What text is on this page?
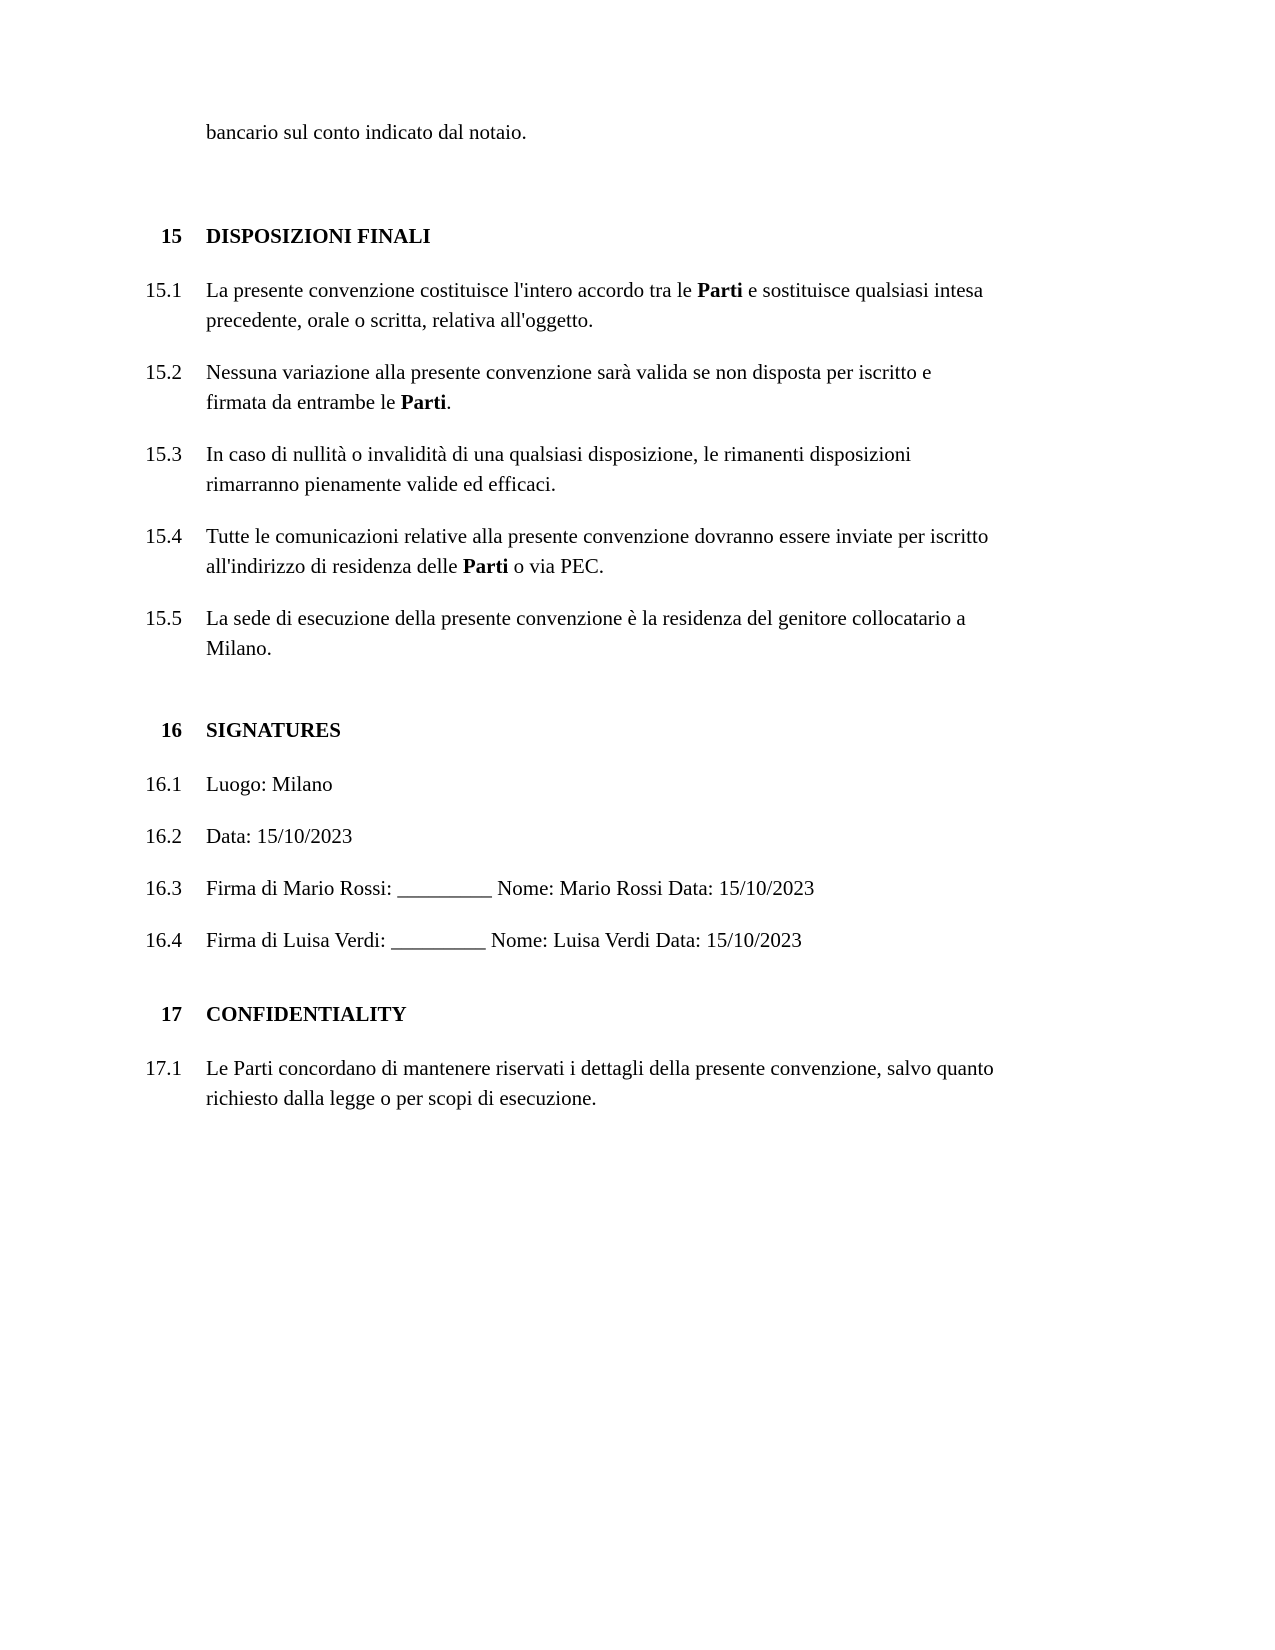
bancario sul conto indicato dal notaio.

15	DISPOSIZIONI FINALI
15.1	La presente convenzione costituisce l'intero accordo tra le Parti e sostituisce qualsiasi intesa
precedente, orale o scritta, relativa all'oggetto.
15.2	Nessuna variazione alla presente convenzione sarà valida se non disposta per iscritto e
firmata da entrambe le Parti.
15.3	In caso di nullità o invalidità di una qualsiasi disposizione, le rimanenti disposizioni
rimarranno pienamente valide ed efficaci.
15.4	Tutte le comunicazioni relative alla presente convenzione dovranno essere inviate per iscritto
all'indirizzo di residenza delle Parti o via PEC.
15.5	La sede di esecuzione della presente convenzione è la residenza del genitore collocatario a
Milano.
16	SIGNATURES
16.1	Luogo: Milano
16.2	Data: 15/10/2023
16.3	Firma di Mario Rossi: _________ Nome: Mario Rossi Data: 15/10/2023
16.4	Firma di Luisa Verdi: _________ Nome: Luisa Verdi Data: 15/10/2023
17	CONFIDENTIALITY
17.1	Le Parti concordano di mantenere riservati i dettagli della presente convenzione, salvo quanto
richiesto dalla legge o per scopi di esecuzione.
